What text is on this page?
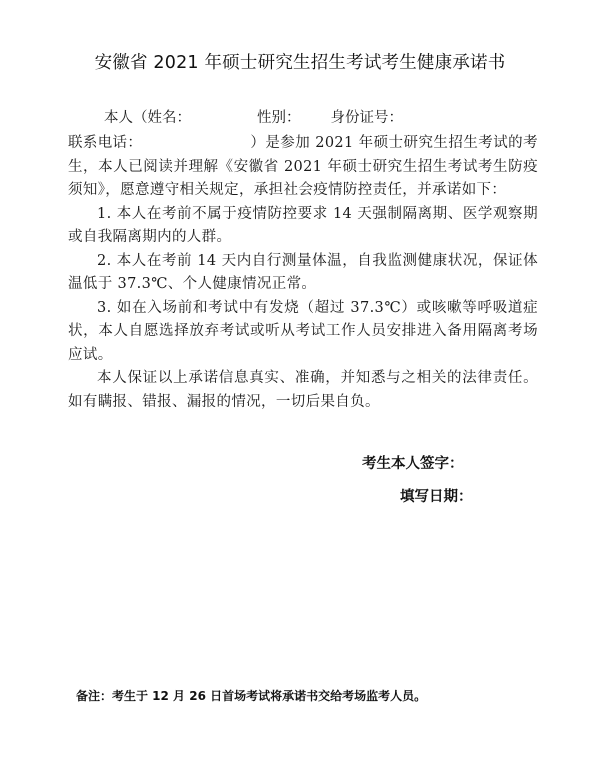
安徽省 2021 年硕士研究生招生考试考生健康承诺书
本人（姓名：	性别： 身份证号：

联系电话：	）是参加 2021 年硕士研究生招生考试的考生，本人已阅读并理解《安徽省 2021 年硕士研究生招生考试考生防疫须知》，愿意遵守相关规定，承担社会疫情防控责任，并承诺如下：

1. 本人在考前不属于疫情防控要求 14 天强制隔离期、医学观察期或自我隔离期内的人群。

2. 本人在考前 14 天内自行测量体温，自我监测健康状况，保证体温低于 37.3℃、个人健康情况正常。

3. 如在入场前和考试中有发烧（超过 37.3℃）或咳嗽等呼吸道症状，本人自愿选择放弃考试或听从考试工作人员安排进入备用隔离考场应试。

本人保证以上承诺信息真实、准确，并知悉与之相关的法律责任。如有瞒报、错报、漏报的情况，一切后果自负。

考生本人签字：
填写日期：
备注：考生于 12 月 26 日首场考试将承诺书交给考场监考人员。
